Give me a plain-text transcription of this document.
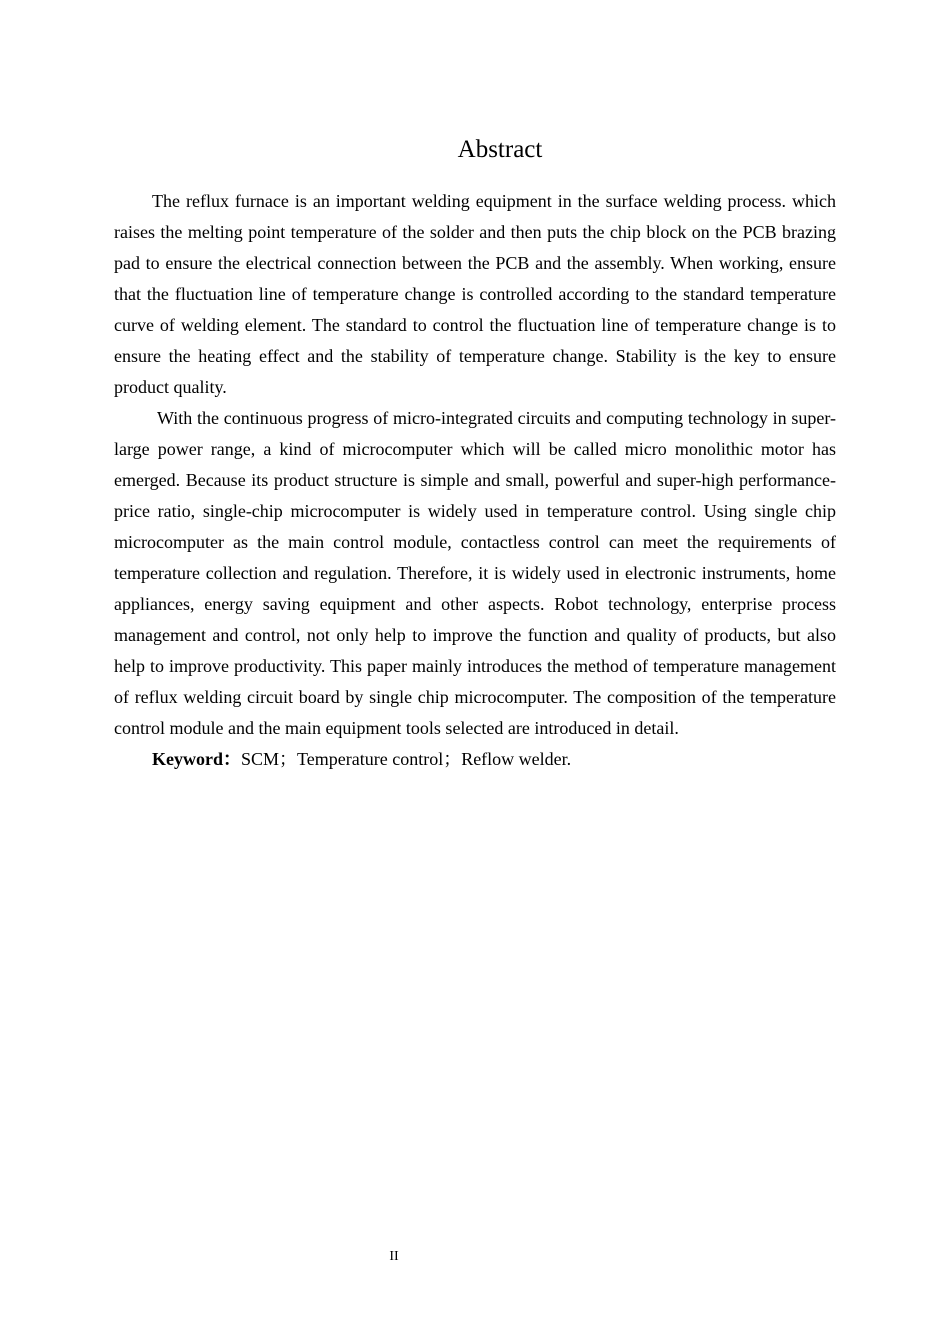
Abstract

The reflux furnace is an important welding equipment in the surface welding process. which raises the melting point temperature of the solder and then puts the chip block on the PCB brazing pad to ensure the electrical connection between the PCB and the assembly. When working, ensure that the fluctuation line of temperature change is controlled according to the standard temperature curve of welding element. The standard to control the fluctuation line of temperature change is to ensure the heating effect and the stability of temperature change. Stability is the key to ensure product quality.

With the continuous progress of micro-integrated circuits and computing technology in super-large power range, a kind of microcomputer which will be called micro monolithic motor has emerged. Because its product structure is simple and small, powerful and super-high performance-price ratio, single-chip microcomputer is widely used in temperature control. Using single chip microcomputer as the main control module, contactless control can meet the requirements of temperature collection and regulation. Therefore, it is widely used in electronic instruments, home appliances, energy saving equipment and other aspects. Robot technology, enterprise process management and control, not only help to improve the function and quality of products, but also help to improve productivity. This paper mainly introduces the method of temperature management of reflux welding circuit board by single chip microcomputer. The composition of the temperature control module and the main equipment tools selected are introduced in detail.

Keyword：SCM；Temperature control；Reflow welder.

II
